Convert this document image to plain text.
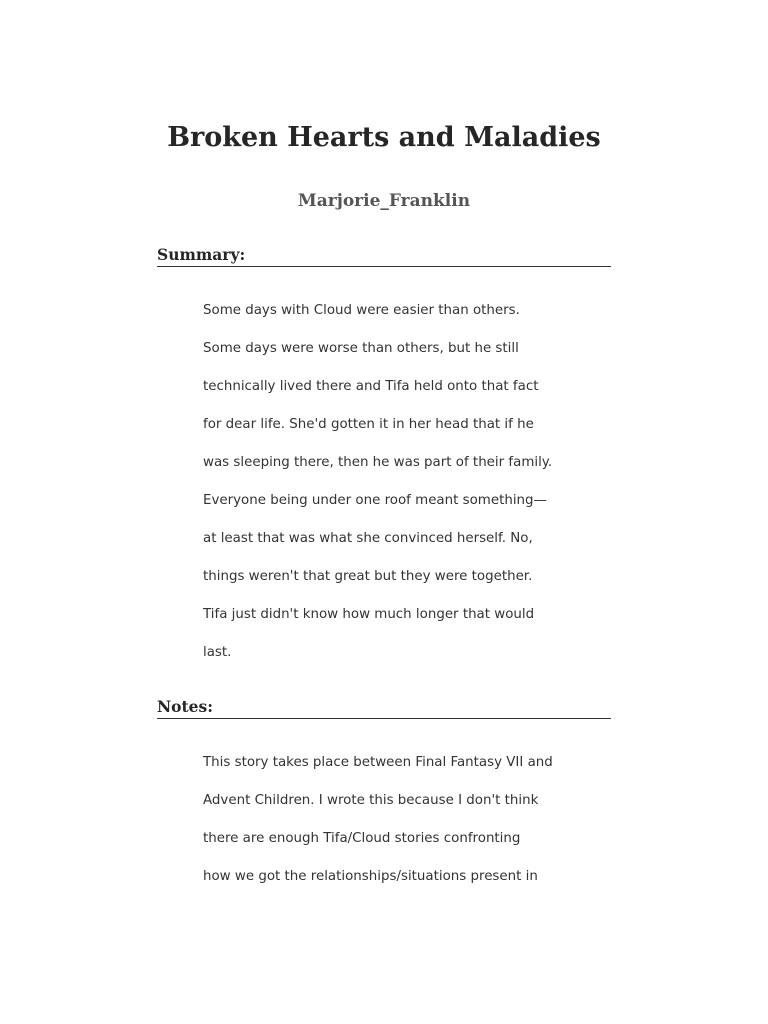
Broken Hearts and Maladies
Marjorie_Franklin
Summary:
Some days with Cloud were easier than others.
Some days were worse than others, but he still
technically lived there and Tifa held onto that fact
for dear life. She'd gotten it in her head that if he
was sleeping there, then he was part of their family.
Everyone being under one roof meant something—
at least that was what she convinced herself. No,
things weren't that great but they were together.
Tifa just didn't know how much longer that would
last.
Notes:
This story takes place between Final Fantasy VII and
Advent Children. I wrote this because I don't think
there are enough Tifa/Cloud stories confronting
how we got the relationships/situations present in
